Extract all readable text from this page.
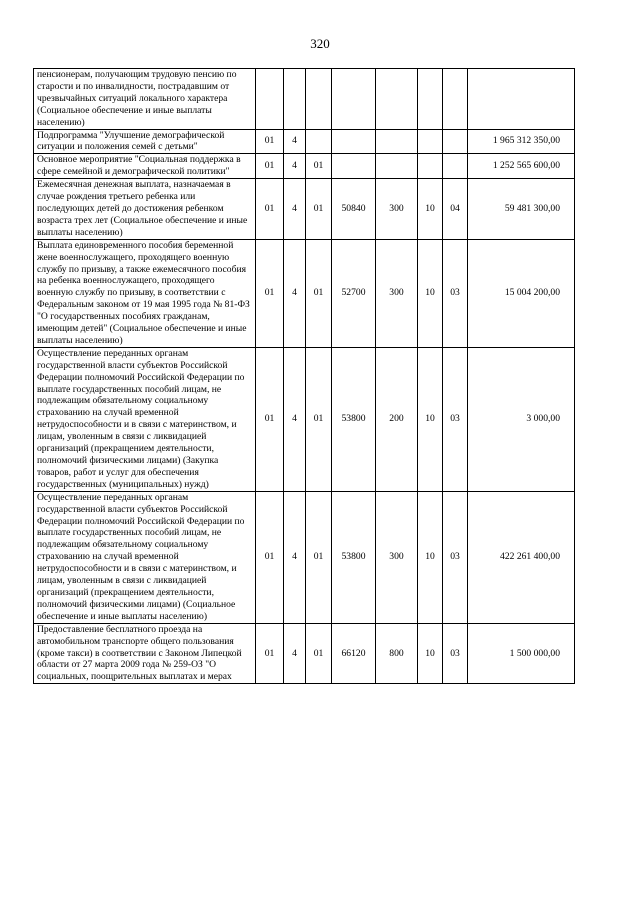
320
пенсионерам, получающим трудовую пенсию по старости и по инвалидности, пострадавшим от чрезвычайных ситуаций локального характера (Социальное обеспечение и иные выплаты населению)								
Подпрограмма "Улучшение демографической ситуации и положения семей с детьми"	01	4						1 965 312 350,00
Основное мероприятие "Социальная поддержка в сфере семейной и демографической политики"	01	4	01					1 252 565 600,00
Ежемесячная денежная выплата, назначаемая в случае рождения третьего ребенка или последующих детей до достижения ребенком возраста трех лет (Социальное обеспечение и иные выплаты населению)	01	4	01	50840	300	10	04	59 481 300,00
Выплата единовременного пособия беременной жене военнослужащего, проходящего военную службу по призыву, а также ежемесячного пособия на ребенка военнослужащего, проходящего военную службу по призыву, в соответствии с Федеральным законом от 19 мая 1995 года № 81-ФЗ "О государственных пособиях гражданам, имеющим детей" (Социальное обеспечение и иные выплаты населению)	01	4	01	52700	300	10	03	15 004 200,00
Осуществление переданных органам государственной власти субъектов Российской Федерации полномочий Российской Федерации по выплате государственных пособий лицам, не подлежащим обязательному социальному страхованию на случай временной нетрудоспособности и в связи с материнством, и лицам, уволенным в связи с ликвидацией организаций (прекращением деятельности, полномочий физическими лицами) (Закупка товаров, работ и услуг для обеспечения государственных (муниципальных) нужд)	01	4	01	53800	200	10	03	3 000,00
Осуществление переданных органам государственной власти субъектов Российской Федерации полномочий Российской Федерации по выплате государственных пособий лицам, не подлежащим обязательному социальному страхованию на случай временной нетрудоспособности и в связи с материнством, и лицам, уволенным в связи с ликвидацией организаций (прекращением деятельности, полномочий физическими лицами) (Социальное обеспечение и иные выплаты населению)	01	4	01	53800	300	10	03	422 261 400,00
Предоставление бесплатного проезда на автомобильном транспорте общего пользования (кроме такси) в соответствии с Законом Липецкой области от 27 марта 2009 года № 259-ОЗ "О социальных, поощрительных выплатах и мерах	01	4	01	66120	800	10	03	1 500 000,00
